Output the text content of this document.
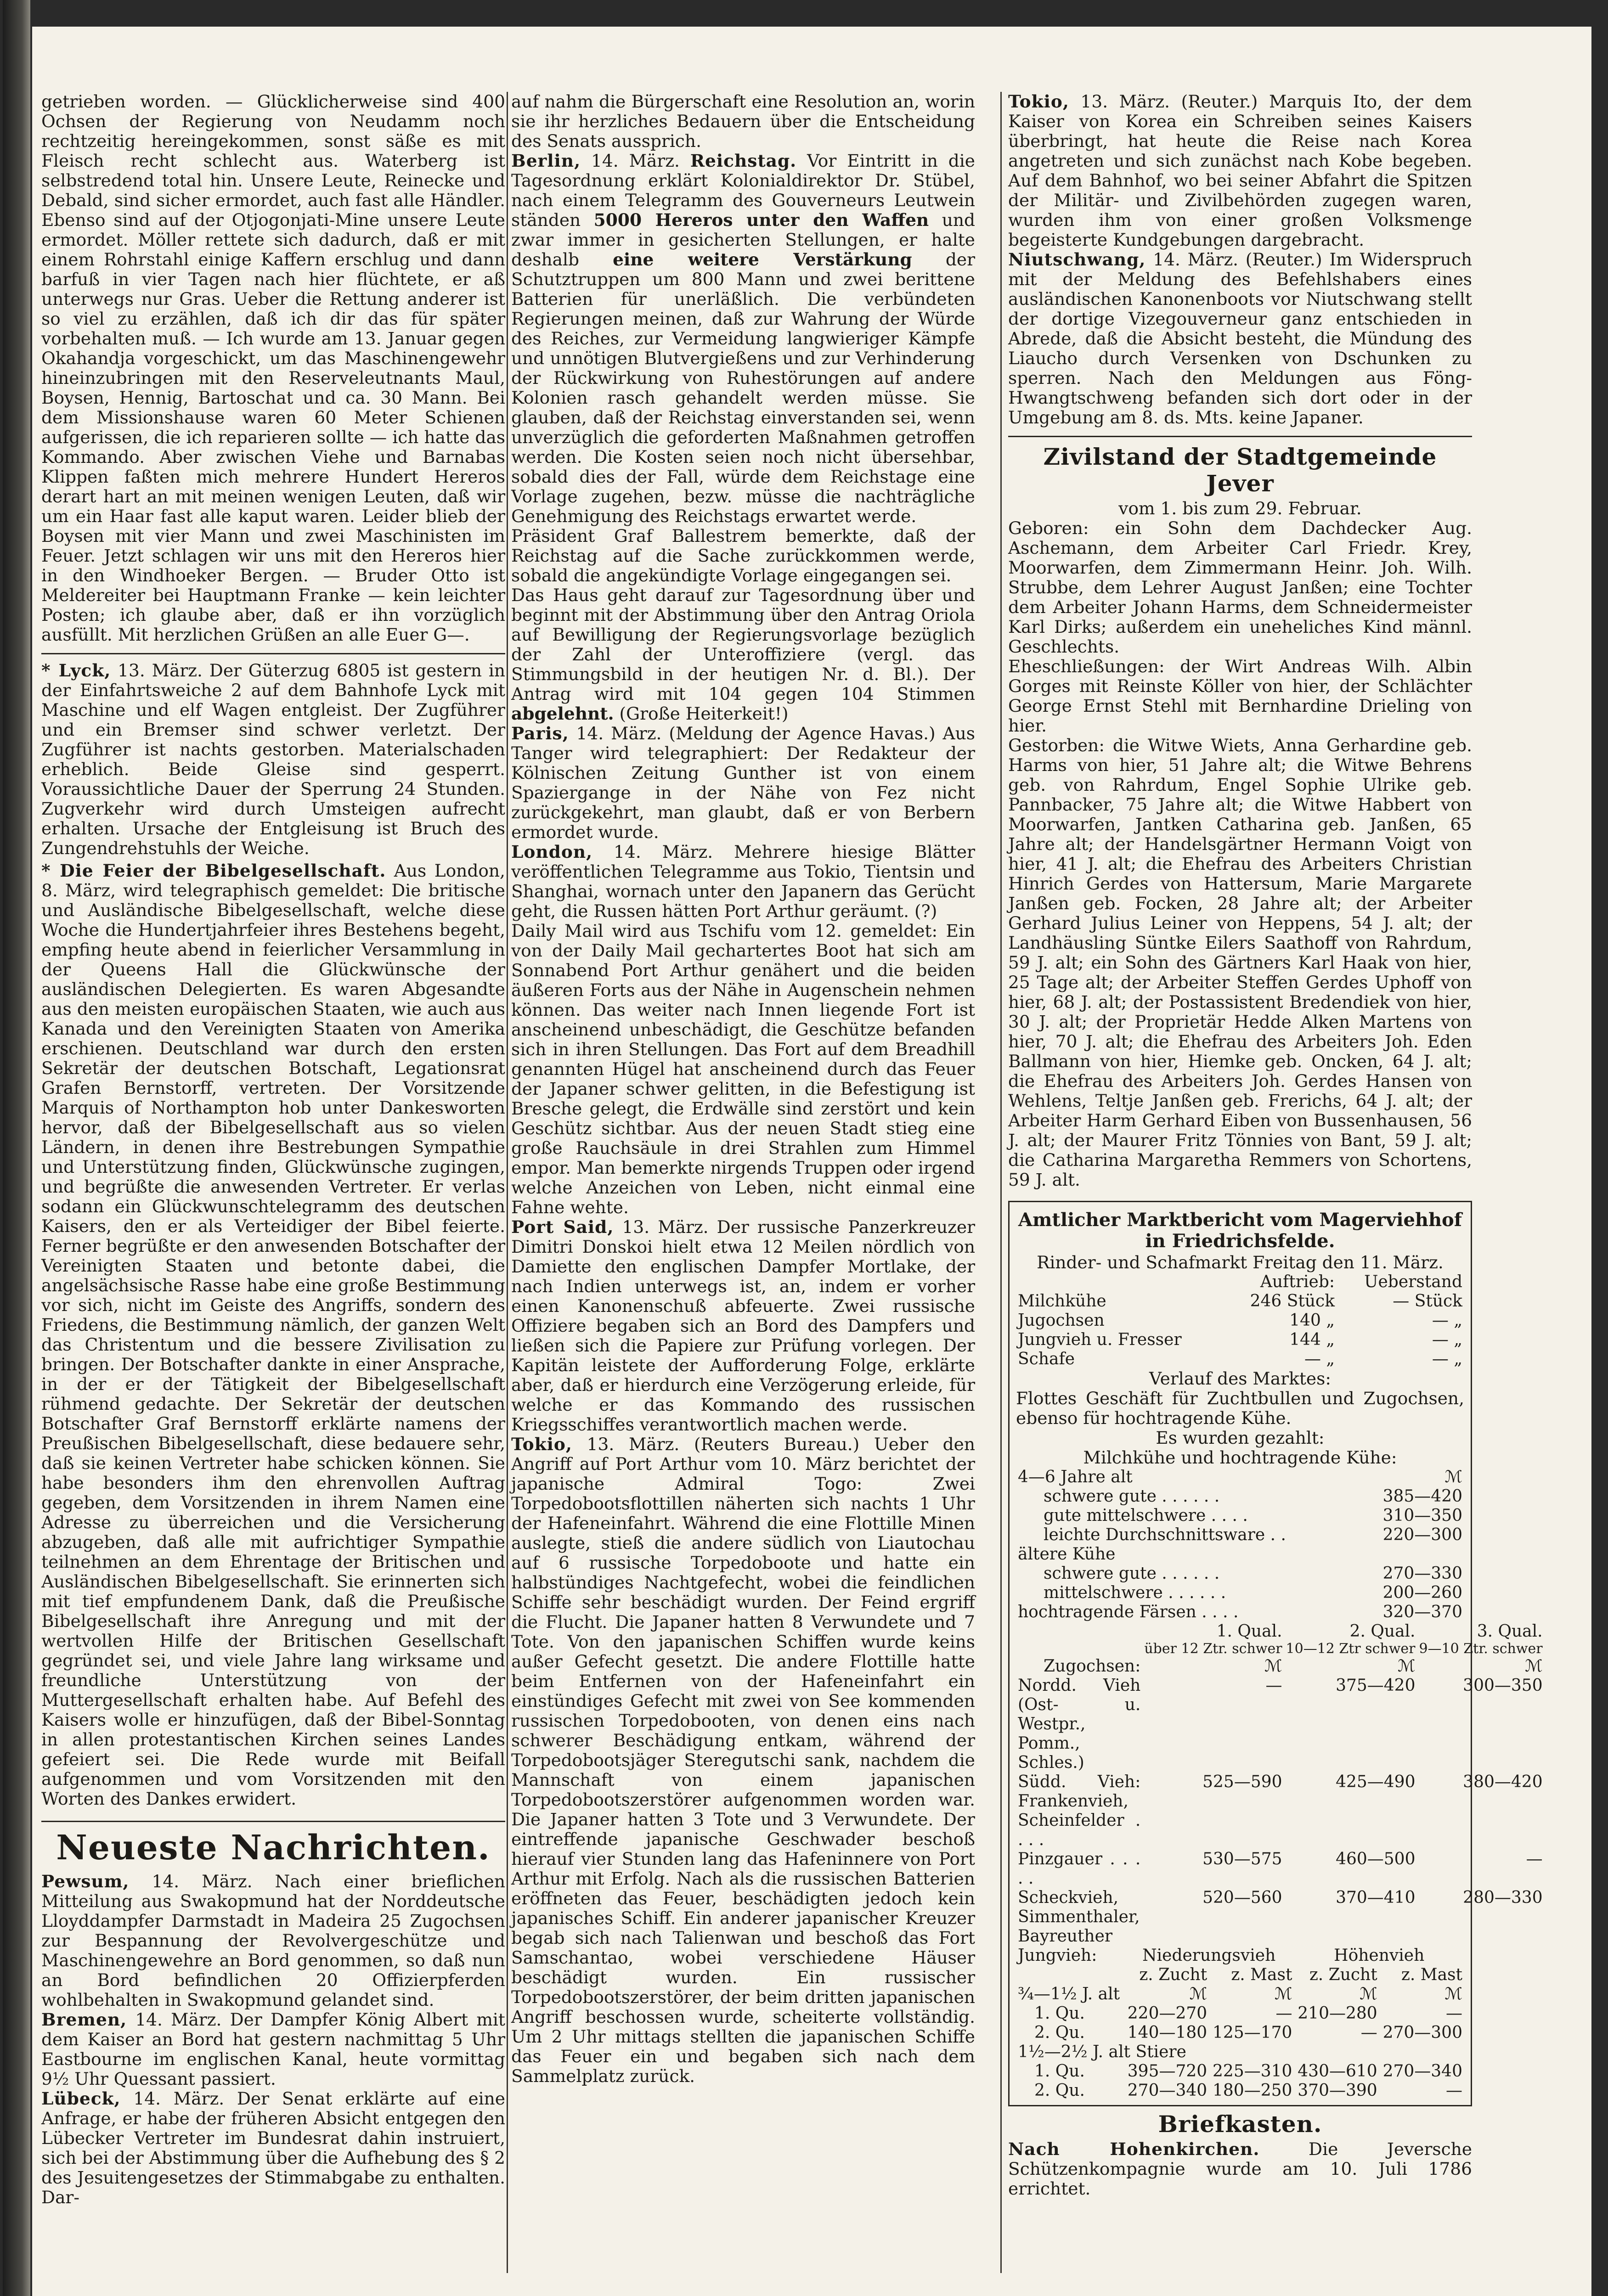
getrieben worden. — Glücklicherweise sind 400 Ochsen der Regierung von Neudamm noch rechtzeitig hereingekommen, sonst säße es mit Fleisch recht schlecht aus. Waterberg ist selbstredend total hin. Unsere Leute, Reinecke und Debald, sind sicher ermordet, auch fast alle Händler. Ebenso sind auf der Otjogonjati-Mine unsere Leute ermordet. Möller rettete sich dadurch, daß er mit einem Rohrstahl einige Kaffern erschlug und dann barfuß in vier Tagen nach hier flüchtete, er aß unterwegs nur Gras. Ueber die Rettung anderer ist so viel zu erzählen, daß ich dir das für später vorbehalten muß. — Ich wurde am 13. Januar gegen Okahandja vorgeschickt, um das Maschinengewehr hineinzubringen mit den Reserveleutnants Maul, Boysen, Hennig, Bartoschat und ca. 30 Mann. Bei dem Missionshause waren 60 Meter Schienen aufgerissen, die ich reparieren sollte — ich hatte das Kommando. Aber zwischen Viehe und Barnabas Klippen faßten mich mehrere Hundert Hereros derart hart an mit meinen wenigen Leuten, daß wir um ein Haar fast alle kaput waren. Leider blieb der Boysen mit vier Mann und zwei Maschinisten im Feuer. Jetzt schlagen wir uns mit den Hereros hier in den Windhoeker Bergen. — Bruder Otto ist Meldereiter bei Hauptmann Franke — kein leichter Posten; ich glaube aber, daß er ihn vorzüglich ausfüllt. Mit herzlichen Grüßen an alle Euer G—.

* Lyck, 13. März. Der Güterzug 6805 ist gestern in der Einfahrtsweiche 2 auf dem Bahnhofe Lyck mit Maschine und elf Wagen entgleist. Der Zugführer und ein Bremser sind schwer verletzt. Der Zugführer ist nachts gestorben. Materialschaden erheblich. Beide Gleise sind gesperrt. Voraussichtliche Dauer der Sperrung 24 Stunden. Zugverkehr wird durch Umsteigen aufrecht erhalten. Ursache der Entgleisung ist Bruch des Zungendrehstuhls der Weiche.

* Die Feier der Bibelgesellschaft. Aus London, 8. März, wird telegraphisch gemeldet: Die britische und Ausländische Bibelgesellschaft, welche diese Woche die Hundertjahrfeier ihres Bestehens begeht, empfing heute abend in feierlicher Versammlung in der Queens Hall die Glückwünsche der ausländischen Delegierten. Es waren Abgesandte aus den meisten europäischen Staaten, wie auch aus Kanada und den Vereinigten Staaten von Amerika erschienen. Deutschland war durch den ersten Sekretär der deutschen Botschaft, Legationsrat Grafen Bernstorff, vertreten. Der Vorsitzende Marquis of Northampton hob unter Dankesworten hervor, daß der Bibelgesellschaft aus so vielen Ländern, in denen ihre Bestrebungen Sympathie und Unterstützung finden, Glückwünsche zugingen, und begrüßte die anwesenden Vertreter. Er verlas sodann ein Glückwunschtelegramm des deutschen Kaisers, den er als Verteidiger der Bibel feierte. Ferner begrüßte er den anwesenden Botschafter der Vereinigten Staaten und betonte dabei, die angelsächsische Rasse habe eine große Bestimmung vor sich, nicht im Geiste des Angriffs, sondern des Friedens, die Bestimmung nämlich, der ganzen Welt das Christentum und die bessere Zivilisation zu bringen. Der Botschafter dankte in einer Ansprache, in der er der Tätigkeit der Bibelgesellschaft rühmend gedachte. Der Sekretär der deutschen Botschafter Graf Bernstorff erklärte namens der Preußischen Bibelgesellschaft, diese bedauere sehr, daß sie keinen Vertreter habe schicken können. Sie habe besonders ihm den ehrenvollen Auftrag gegeben, dem Vorsitzenden in ihrem Namen eine Adresse zu überreichen und die Versicherung abzugeben, daß alle mit aufrichtiger Sympathie teilnehmen an dem Ehrentage der Britischen und Ausländischen Bibelgesellschaft. Sie erinnerten sich mit tief empfundenem Dank, daß die Preußische Bibelgesellschaft ihre Anregung und mit der wertvollen Hilfe der Britischen Gesellschaft gegründet sei, und viele Jahre lang wirksame und freundliche Unterstützung von der Muttergesellschaft erhalten habe. Auf Befehl des Kaisers wolle er hinzufügen, daß der Bibel-Sonntag in allen protestantischen Kirchen seines Landes gefeiert sei. Die Rede wurde mit Beifall aufgenommen und vom Vorsitzenden mit den Worten des Dankes erwidert.

Neueste Nachrichten.

Pewsum, 14. März. Nach einer brieflichen Mitteilung aus Swakopmund hat der Norddeutsche Lloyddampfer Darmstadt in Madeira 25 Zugochsen zur Bespannung der Revolvergeschütze und Maschinengewehre an Bord genommen, so daß nun an Bord befindlichen 20 Offizierpferden wohlbehalten in Swakopmund gelandet sind.

Bremen, 14. März. Der Dampfer König Albert mit dem Kaiser an Bord hat gestern nachmittag 5 Uhr Eastbourne im englischen Kanal, heute vormittag 9½ Uhr Quessant passiert.

Lübeck, 14. März. Der Senat erklärte auf eine Anfrage, er habe der früheren Absicht entgegen den Lübecker Vertreter im Bundesrat dahin instruiert, sich bei der Abstimmung über die Aufhebung des § 2 des Jesuitengesetzes der Stimmabgabe zu enthalten. Dar-

auf nahm die Bürgerschaft eine Resolution an, worin sie ihr herzliches Bedauern über die Entscheidung des Senats aussprich.

Berlin, 14. März. Reichstag. Vor Eintritt in die Tagesordnung erklärt Kolonialdirektor Dr. Stübel, nach einem Telegramm des Gouverneurs Leutwein ständen 5000 Hereros unter den Waffen und zwar immer in gesicherten Stellungen, er halte deshalb eine weitere Verstärkung der Schutztruppen um 800 Mann und zwei berittene Batterien für unerläßlich. Die verbündeten Regierungen meinen, daß zur Wahrung der Würde des Reiches, zur Vermeidung langwieriger Kämpfe und unnötigen Blutvergießens und zur Verhinderung der Rückwirkung von Ruhestörungen auf andere Kolonien rasch gehandelt werden müsse. Sie glauben, daß der Reichstag einverstanden sei, wenn unverzüglich die geforderten Maßnahmen getroffen werden. Die Kosten seien noch nicht übersehbar, sobald dies der Fall, würde dem Reichstage eine Vorlage zugehen, bezw. müsse die nachträgliche Genehmigung des Reichstags erwartet werde.

Präsident Graf Ballestrem bemerkte, daß der Reichstag auf die Sache zurückkommen werde, sobald die angekündigte Vorlage eingegangen sei.

Das Haus geht darauf zur Tagesordnung über und beginnt mit der Abstimmung über den Antrag Oriola auf Bewilligung der Regierungsvorlage bezüglich der Zahl der Unteroffiziere (vergl. das Stimmungsbild in der heutigen Nr. d. Bl.). Der Antrag wird mit 104 gegen 104 Stimmen abgelehnt. (Große Heiterkeit!)

Paris, 14. März. (Meldung der Agence Havas.) Aus Tanger wird telegraphiert: Der Redakteur der Kölnischen Zeitung Gunther ist von einem Spaziergange in der Nähe von Fez nicht zurückgekehrt, man glaubt, daß er von Berbern ermordet wurde.

London, 14. März. Mehrere hiesige Blätter veröffentlichen Telegramme aus Tokio, Tientsin und Shanghai, wornach unter den Japanern das Gerücht geht, die Russen hätten Port Arthur geräumt. (?)

Daily Mail wird aus Tschifu vom 12. gemeldet: Ein von der Daily Mail gechartertes Boot hat sich am Sonnabend Port Arthur genähert und die beiden äußeren Forts aus der Nähe in Augenschein nehmen können. Das weiter nach Innen liegende Fort ist anscheinend unbeschädigt, die Geschütze befanden sich in ihren Stellungen. Das Fort auf dem Breadhill genannten Hügel hat anscheinend durch das Feuer der Japaner schwer gelitten, in die Befestigung ist Bresche gelegt, die Erdwälle sind zerstört und kein Geschütz sichtbar. Aus der neuen Stadt stieg eine große Rauchsäule in drei Strahlen zum Himmel empor. Man bemerkte nirgends Truppen oder irgend welche Anzeichen von Leben, nicht einmal eine Fahne wehte.

Port Said, 13. März. Der russische Panzerkreuzer Dimitri Donskoi hielt etwa 12 Meilen nördlich von Damiette den englischen Dampfer Mortlake, der nach Indien unterwegs ist, an, indem er vorher einen Kanonenschuß abfeuerte. Zwei russische Offiziere begaben sich an Bord des Dampfers und ließen sich die Papiere zur Prüfung vorlegen. Der Kapitän leistete der Aufforderung Folge, erklärte aber, daß er hierdurch eine Verzögerung erleide, für welche er das Kommando des russischen Kriegsschiffes verantwortlich machen werde.

Tokio, 13. März. (Reuters Bureau.) Ueber den Angriff auf Port Arthur vom 10. März berichtet der japanische Admiral Togo: Zwei Torpedobootsflottillen näherten sich nachts 1 Uhr der Hafeneinfahrt. Während die eine Flottille Minen auslegte, stieß die andere südlich von Liautochau auf 6 russische Torpedoboote und hatte ein halbstündiges Nachtgefecht, wobei die feindlichen Schiffe sehr beschädigt wurden. Der Feind ergriff die Flucht. Die Japaner hatten 8 Verwundete und 7 Tote. Von den japanischen Schiffen wurde keins außer Gefecht gesetzt. Die andere Flottille hatte beim Entfernen von der Hafeneinfahrt ein einstündiges Gefecht mit zwei von See kommenden russischen Torpedobooten, von denen eins nach schwerer Beschädigung entkam, während der Torpedobootsjäger Steregutschi sank, nachdem die Mannschaft von einem japanischen Torpedobootszerstörer aufgenommen worden war. Die Japaner hatten 3 Tote und 3 Verwundete. Der eintreffende japanische Geschwader beschoß hierauf vier Stunden lang das Hafeninnere von Port Arthur mit Erfolg. Nach als die russischen Batterien eröffneten das Feuer, beschädigten jedoch kein japanisches Schiff. Ein anderer japanischer Kreuzer begab sich nach Talienwan und beschoß das Fort Samschantao, wobei verschiedene Häuser beschädigt wurden. Ein russischer Torpedobootszerstörer, der beim dritten japanischen Angriff beschossen wurde, scheiterte vollständig. Um 2 Uhr mittags stellten die japanischen Schiffe das Feuer ein und begaben sich nach dem Sammelplatz zurück.

Tokio, 13. März. (Reuter.) Marquis Ito, der dem Kaiser von Korea ein Schreiben seines Kaisers überbringt, hat heute die Reise nach Korea angetreten und sich zunächst nach Kobe begeben. Auf dem Bahnhof, wo bei seiner Abfahrt die Spitzen der Militär- und Zivilbehörden zugegen waren, wurden ihm von einer großen Volksmenge begeisterte Kundgebungen dargebracht.

Niutschwang, 14. März. (Reuter.) Im Widerspruch mit der Meldung des Befehlshabers eines ausländischen Kanonenboots vor Niutschwang stellt der dortige Vizegouverneur ganz entschieden in Abrede, daß die Absicht besteht, die Mündung des Liaucho durch Versenken von Dschunken zu sperren. Nach den Meldungen aus Föng-Hwangtschweng befanden sich dort oder in der Umgebung am 8. ds. Mts. keine Japaner.

Zivilstand der Stadtgemeinde Jever
vom 1. bis zum 29. Februar.

Geboren: ein Sohn dem Dachdecker Aug. Aschemann, dem Arbeiter Carl Friedr. Krey, Moorwarfen, dem Zimmermann Heinr. Joh. Wilh. Strubbe, dem Lehrer August Janßen; eine Tochter dem Arbeiter Johann Harms, dem Schneidermeister Karl Dirks; außerdem ein uneheliches Kind männl. Geschlechts.

Eheschließungen: der Wirt Andreas Wilh. Albin Gorges mit Reinste Köller von hier, der Schlächter George Ernst Stehl mit Bernhardine Drieling von hier.

Gestorben: die Witwe Wiets, Anna Gerhardine geb. Harms von hier, 51 Jahre alt; die Witwe Behrens geb. von Rahrdum, Engel Sophie Ulrike geb. Pannbacker, 75 Jahre alt; die Witwe Habbert von Moorwarfen, Jantken Catharina geb. Janßen, 65 Jahre alt; der Handelsgärtner Hermann Voigt von hier, 41 J. alt; die Ehefrau des Arbeiters Christian Hinrich Gerdes von Hattersum, Marie Margarete Janßen geb. Focken, 28 Jahre alt; der Arbeiter Gerhard Julius Leiner von Heppens, 54 J. alt; der Landhäusling Süntke Eilers Saathoff von Rahrdum, 59 J. alt; ein Sohn des Gärtners Karl Haak von hier, 25 Tage alt; der Arbeiter Steffen Gerdes Uphoff von hier, 68 J. alt; der Postassistent Bredendiek von hier, 30 J. alt; der Proprietär Hedde Alken Martens von hier, 70 J. alt; die Ehefrau des Arbeiters Joh. Eden Ballmann von hier, Hiemke geb. Oncken, 64 J. alt; die Ehefrau des Arbeiters Joh. Gerdes Hansen von Wehlens, Teltje Janßen geb. Frerichs, 64 J. alt; der Arbeiter Harm Gerhard Eiben von Bussenhausen, 56 J. alt; der Maurer Fritz Tönnies von Bant, 59 J. alt; die Catharina Margaretha Remmers von Schortens, 59 J. alt.

Amtlicher Marktbericht vom Magerviehhof in Friedrichsfelde.
Rinder- und Schafmarkt Freitag den 11. März.
	Auftrieb:	Ueberstand
Milchkühe	246 Stück	— Stück
Jugochsen	140 „	— „
Jungvieh u. Fresser	144 „	— „
Schafe	— „	— „
Verlauf des Marktes:

Flottes Geschäft für Zuchtbullen und Zugochsen, ebenso für hochtragende Kühe.

Es wurden gezahlt:
Milchkühe und hochtragende Kühe:
4—6 Jahre alt	ℳ
schwere gute . . . . . .	385—420
gute mittelschwere . . . .	310—350
leichte Durchschnittsware . .	220—300
ältere Kühe	
schwere gute . . . . . .	270—330
mittelschwere . . . . . .	200—260
hochtragende Färsen . . . .	320—370
	1. Qual.	2. Qual.	3. Qual.
	über 12 Ztr. schwer	10—12 Ztr schwer	9—10 Ztr. schwer
Zugochsen:	ℳ	ℳ	ℳ
Nordd. Vieh (Ost- u. Westpr., Pomm., Schles.)	—	375—420	300—350
Südd. Vieh: Frankenvieh, Scheinfelder . . . .	525—590	425—490	380—420
Pinzgauer . . . . .	530—575	460—500	—
Scheckvieh, Simmenthaler, Bayreuther	520—560	370—410	280—330
Jungvieh:	Niederungsvieh		Höhenvieh	
	z. Zucht	z. Mast	z. Zucht	z. Mast
¾—1½ J. alt	ℳ	ℳ	ℳ	ℳ
1. Qu.	220—270	—	210—280	—
2. Qu.	140—180	125—170	—	270—300
1½—2½ J. alt Stiere				
1. Qu.	395—720	225—310	430—610	270—340
2. Qu.	270—340	180—250	370—390	—
Briefkasten.

Nach Hohenkirchen. Die Jeversche Schützenkompagnie wurde am 10. Juli 1786 errichtet.
